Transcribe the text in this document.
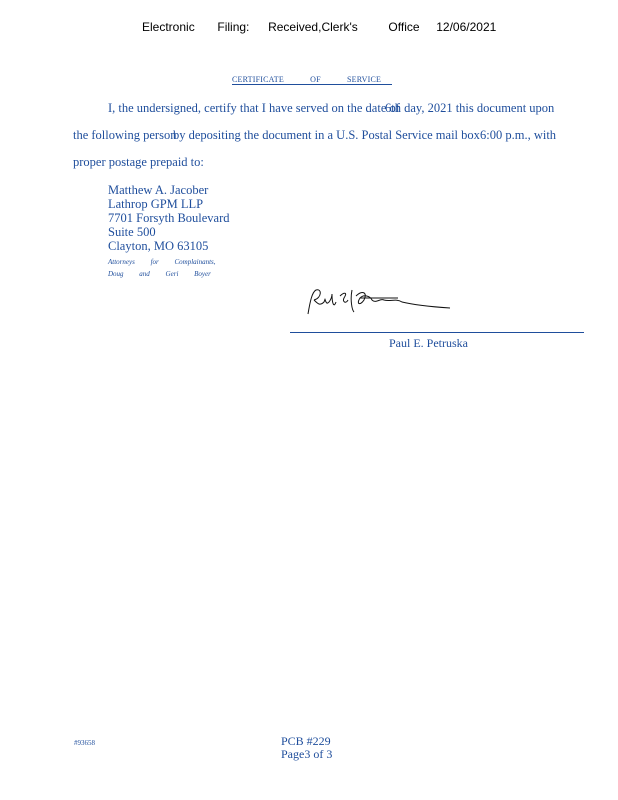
Electronic Filing: Received,Clerk's	Office 12/06/2021
CERTIFICATE OF SERVICE
I, the undersigned, certify that I have served on the date of
6th day, 2021 this document upon
the following person
by depositing the document in a U.S. Postal Service mail box 6:00 p.m., with
proper postage prepaid to:
Matthew A. Jacober
Lathrop GPM LLP
7701 Forsyth Boulevard
Suite 500
Clayton, MO 63105
Attorneys for Complainants,
Doug and Geri Boyer
Paul E. Petruska
#93658	PCB #229
Page3 of 3
